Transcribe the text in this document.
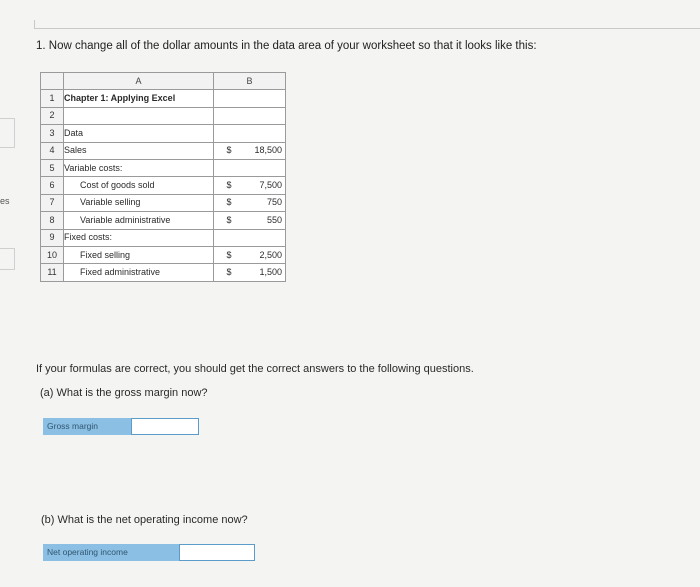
es
1. Now change all of the dollar amounts in the data area of your worksheet so that it looks like this:
	A	B	
1	Chapter 1: Applying Excel		
2			
3	Data		
4	Sales	$	18,500
5	Variable costs:		
6	Cost of goods sold	$	7,500
7	Variable selling	$	750
8	Variable administrative	$	550
9	Fixed costs:		
10	Fixed selling	$	2,500
11	Fixed administrative	$	1,500
If your formulas are correct, you should get the correct answers to the following questions.
(a) What is the gross margin now?
Gross margin
(b) What is the net operating income now?
Net operating income
